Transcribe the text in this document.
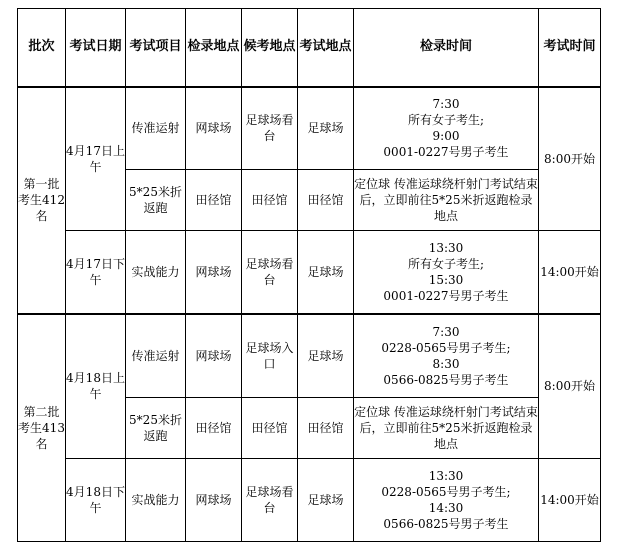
批次	考试日期	考试项目	检录地点	候考地点	考试地点	检录时间	考试时间
第一批考生412名	4月17日上午	传准运射	网球场	足球场看台	足球场	7:30
所有女子考生;
9:00
0001-0227号男子考生	8:00开始
		5*25米折返跑	田径馆	田径馆	田径馆	定位球 传准运球绕杆射门考试结束后，立即前往5*25米折返跑检录地点	
	4月17日下午	实战能力	网球场	足球场看台	足球场	13:30
所有女子考生;
15:30
0001-0227号男子考生	14:00开始
第二批考生413名	4月18日上午	传准运射	网球场	足球场入口	足球场	7:30
0228-0565号男子考生;
8:30
0566-0825号男子考生	8:00开始
		5*25米折返跑	田径馆	田径馆	田径馆	定位球 传准运球绕杆射门考试结束后，立即前往5*25米折返跑检录地点	
	4月18日下午	实战能力	网球场	足球场看台	足球场	13:30
0228-0565号男子考生;
14:30
0566-0825号男子考生	14:00开始
